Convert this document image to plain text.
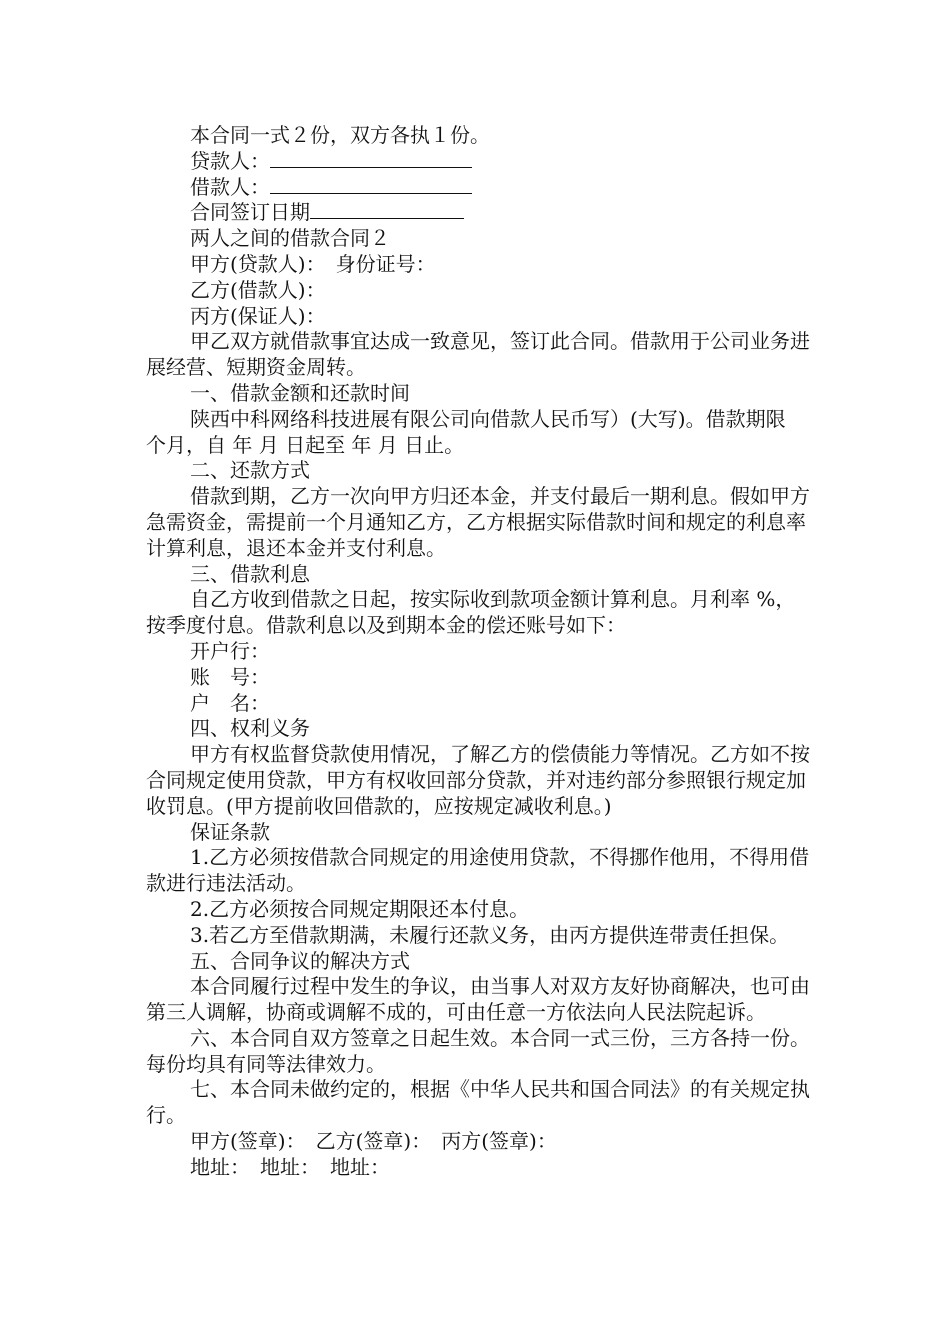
本合同一式２份，双方各执１份。

贷款人：

借款人：

合同签订日期

两人之间的借款合同２

甲方(贷款人)：　身份证号：

乙方(借款人)：

丙方(保证人)：

甲乙双方就借款事宜达成一致意见，签订此合同。借款用于公司业务进展经营、短期资金周转。

一、借款金额和还款时间

陕西中科网络科技进展有限公司向借款人民币写）(大写)。借款期限 个月，自 年 月 日起至 年 月 日止。

二、还款方式

借款到期，乙方一次向甲方归还本金，并支付最后一期利息。假如甲方急需资金，需提前一个月通知乙方，乙方根据实际借款时间和规定的利息率计算利息，退还本金并支付利息。

三、借款利息

自乙方收到借款之日起，按实际收到款项金额计算利息。月利率 %，按季度付息。借款利息以及到期本金的偿还账号如下：

开户行：

账　号：

户　名：

四、权利义务

甲方有权监督贷款使用情况，了解乙方的偿债能力等情况。乙方如不按合同规定使用贷款，甲方有权收回部分贷款，并对违约部分参照银行规定加收罚息。(甲方提前收回借款的，应按规定减收利息。)

保证条款

1.乙方必须按借款合同规定的用途使用贷款，不得挪作他用，不得用借款进行违法活动。

2.乙方必须按合同规定期限还本付息。

3.若乙方至借款期满，未履行还款义务，由丙方提供连带责任担保。

五、合同争议的解决方式

本合同履行过程中发生的争议，由当事人对双方友好协商解决，也可由第三人调解，协商或调解不成的，可由任意一方依法向人民法院起诉。

六、本合同自双方签章之日起生效。本合同一式三份，三方各持一份。每份均具有同等法律效力。

七、本合同未做约定的，根据《中华人民共和国合同法》的有关规定执行。

甲方(签章)：　乙方(签章)：　丙方(签章)：

地址：　地址：　地址：
